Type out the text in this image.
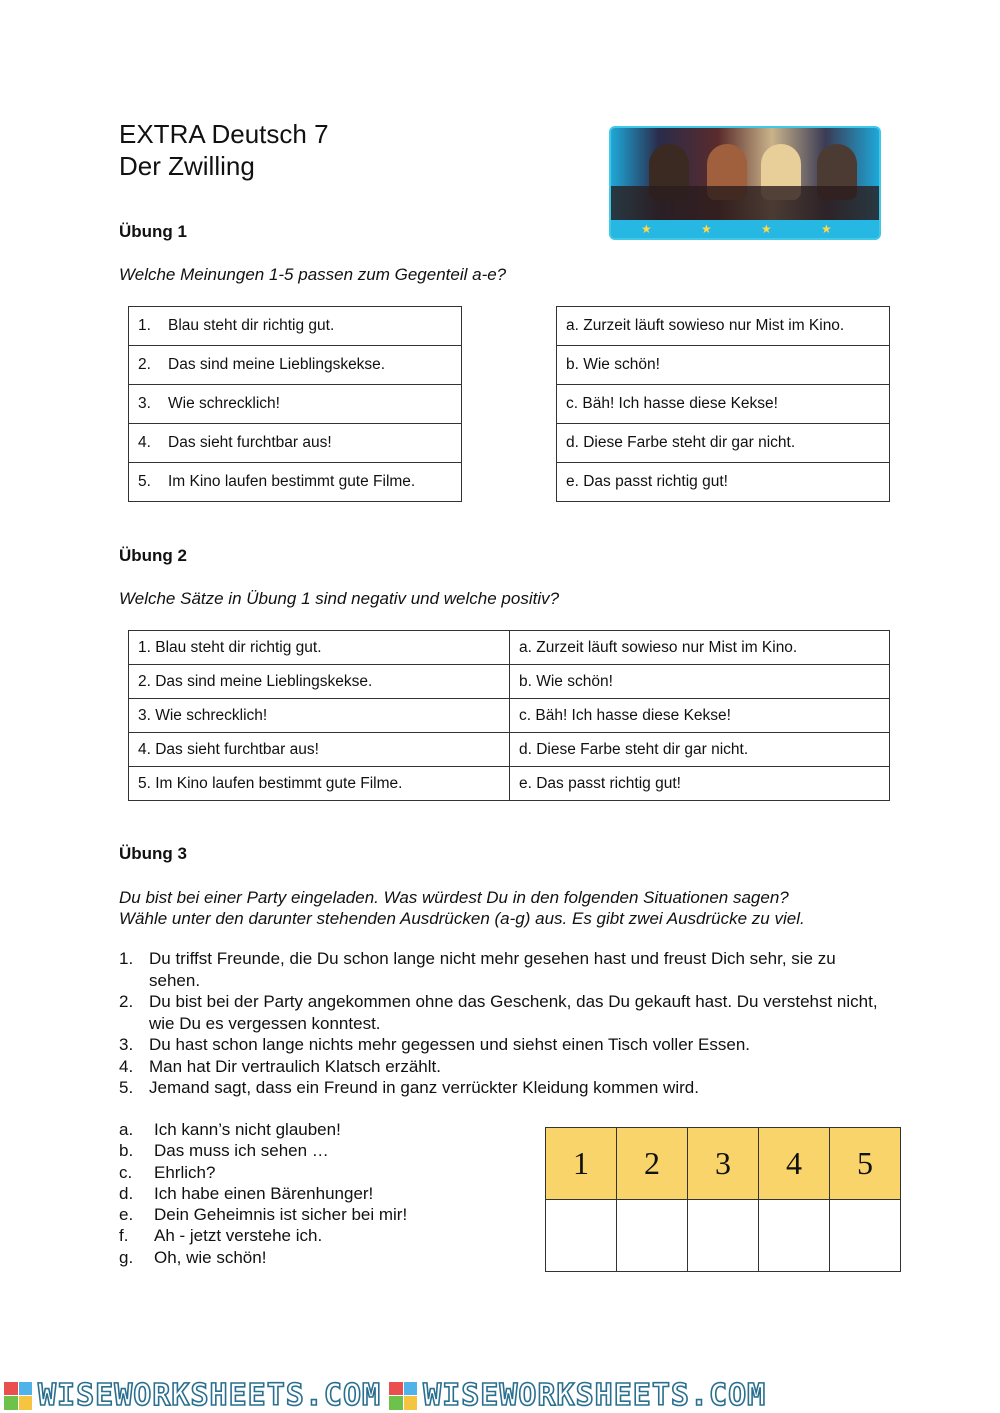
EXTRA Deutsch 7
Der Zwilling
★	★	★	★
Übung 1
Welche Meinungen 1-5 passen zum Gegenteil a-e?
1. Blau steht dir richtig gut.
2. Das sind meine Lieblingskekse.
3. Wie schrecklich!
4. Das sieht furchtbar aus!
5. Im Kino laufen bestimmt gute Filme.
a. Zurzeit läuft sowieso nur Mist im Kino.
b. Wie schön!
c. Bäh! Ich hasse diese Kekse!
d. Diese Farbe steht dir gar nicht.
e. Das passt richtig gut!
Übung 2
Welche Sätze in Übung 1 sind negativ und welche positiv?
1. Blau steht dir richtig gut.	a. Zurzeit läuft sowieso nur Mist im Kino.
2. Das sind meine Lieblingskekse.	b. Wie schön!
3. Wie schrecklich!	c. Bäh! Ich hasse diese Kekse!
4. Das sieht furchtbar aus!	d. Diese Farbe steht dir gar nicht.
5. Im Kino laufen bestimmt gute Filme.	e. Das passt richtig gut!
Übung 3
Du bist bei einer Party eingeladen. Was würdest Du in den folgenden Situationen sagen?
Wähle unter den darunter stehenden Ausdrücken (a-g) aus. Es gibt zwei Ausdrücke zu viel.
1. Du triffst Freunde, die Du schon lange nicht mehr gesehen hast und freust Dich sehr, sie zu sehen.
2. Du bist bei der Party angekommen ohne das Geschenk, das Du gekauft hast. Du verstehst nicht, wie Du es vergessen konntest.
3. Du hast schon lange nichts mehr gegessen und siehst einen Tisch voller Essen.
4. Man hat Dir vertraulich Klatsch erzählt.
5. Jemand sagt, dass ein Freund in ganz verrückter Kleidung kommen wird.
a. Ich kann’s nicht glauben!
b. Das muss ich sehen …
c. Ehrlich?
d. Ich habe einen Bärenhunger!
e. Dein Geheimnis ist sicher bei mir!
f. Ah - jetzt verstehe ich.
g. Oh, wie schön!
1	2	3	4	5

WISEWORKSHEETS.COM WISEWORKSHEETS.COM
